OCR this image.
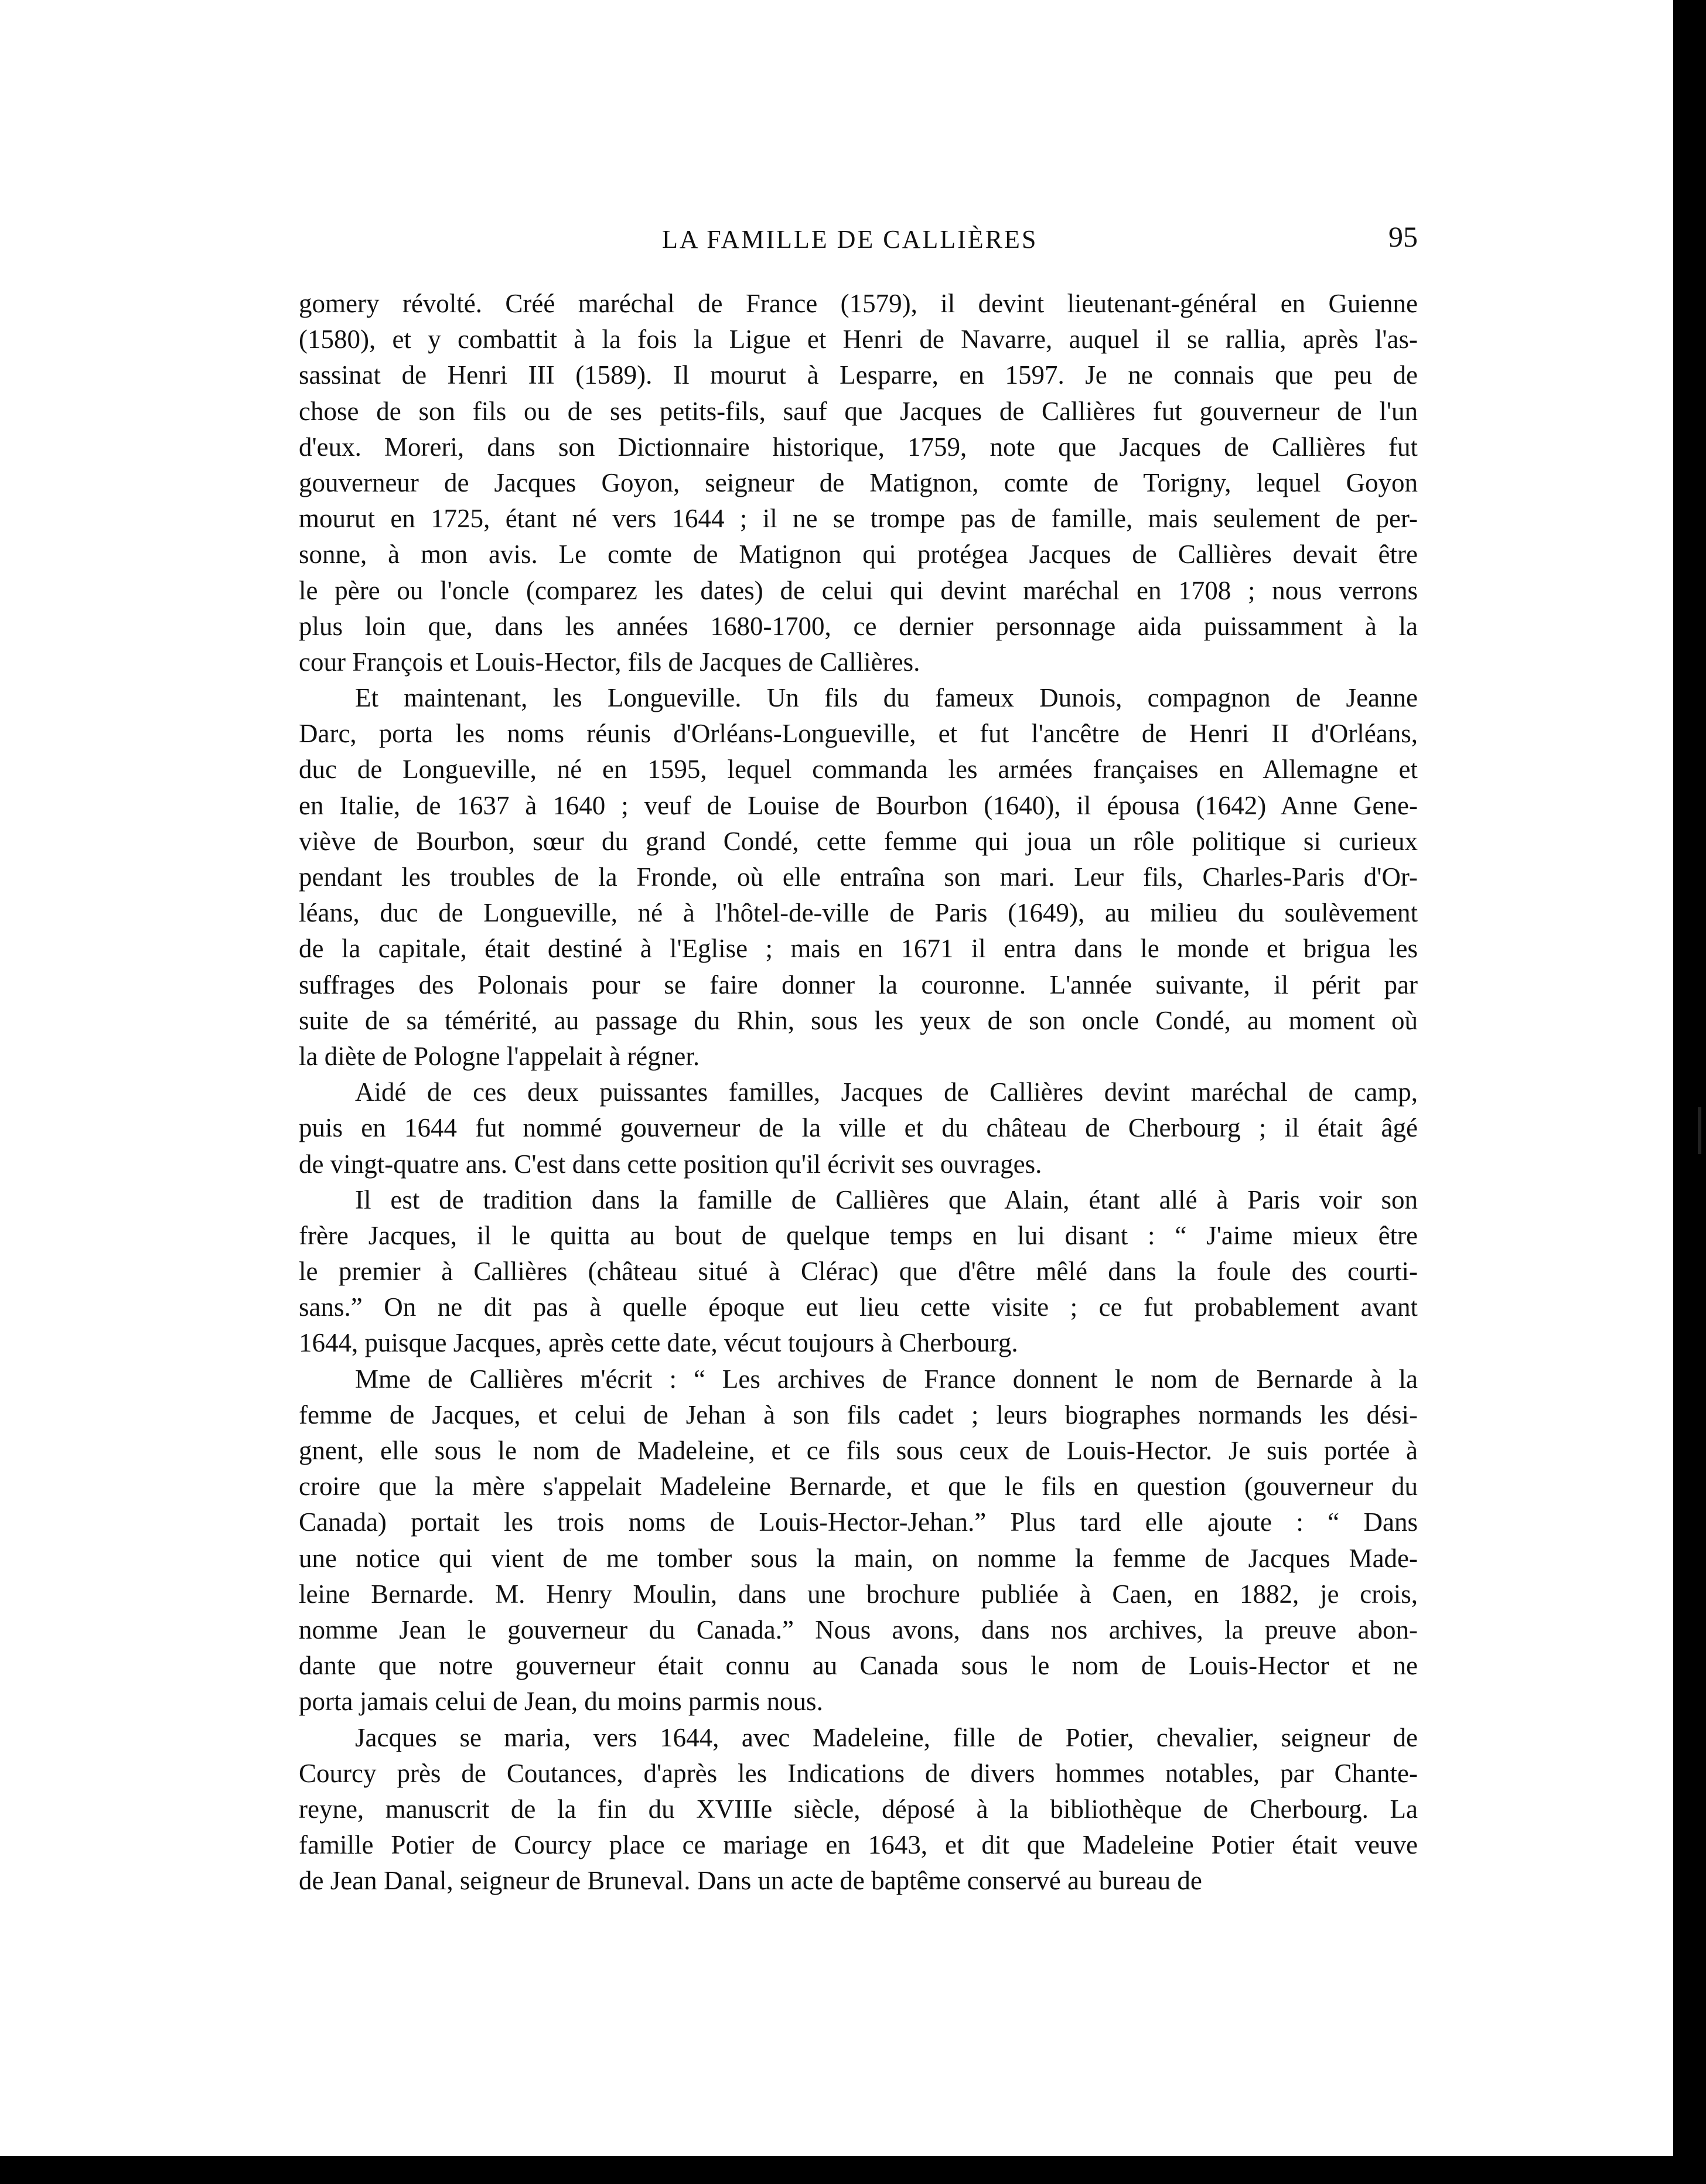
LA FAMILLE DE CALLIÈRES	95
gomery révolté. Créé maréchal de France (1579), il devint lieutenant-général en Guienne
(1580), et y combattit à la fois la Ligue et Henri de Navarre, auquel il se rallia, après l'as-
sassinat de Henri III (1589). Il mourut à Lesparre, en 1597. Je ne connais que peu de
chose de son fils ou de ses petits-fils, sauf que Jacques de Callières fut gouverneur de l'un
d'eux. Moreri, dans son Dictionnaire historique, 1759, note que Jacques de Callières fut
gouverneur de Jacques Goyon, seigneur de Matignon, comte de Torigny, lequel Goyon
mourut en 1725, étant né vers 1644 ; il ne se trompe pas de famille, mais seulement de per-
sonne, à mon avis. Le comte de Matignon qui protégea Jacques de Callières devait être
le père ou l'oncle (comparez les dates) de celui qui devint maréchal en 1708 ; nous verrons
plus loin que, dans les années 1680-1700, ce dernier personnage aida puissamment à la
cour François et Louis-Hector, fils de Jacques de Callières.
Et maintenant, les Longueville. Un fils du fameux Dunois, compagnon de Jeanne
Darc, porta les noms réunis d'Orléans-Longueville, et fut l'ancêtre de Henri II d'Orléans,
duc de Longueville, né en 1595, lequel commanda les armées françaises en Allemagne et
en Italie, de 1637 à 1640 ; veuf de Louise de Bourbon (1640), il épousa (1642) Anne Gene-
viève de Bourbon, sœur du grand Condé, cette femme qui joua un rôle politique si curieux
pendant les troubles de la Fronde, où elle entraîna son mari. Leur fils, Charles-Paris d'Or-
léans, duc de Longueville, né à l'hôtel-de-ville de Paris (1649), au milieu du soulèvement
de la capitale, était destiné à l'Eglise ; mais en 1671 il entra dans le monde et brigua les
suffrages des Polonais pour se faire donner la couronne. L'année suivante, il périt par
suite de sa témérité, au passage du Rhin, sous les yeux de son oncle Condé, au moment où
la diète de Pologne l'appelait à régner.
Aidé de ces deux puissantes familles, Jacques de Callières devint maréchal de camp,
puis en 1644 fut nommé gouverneur de la ville et du château de Cherbourg ; il était âgé
de vingt-quatre ans. C'est dans cette position qu'il écrivit ses ouvrages.
Il est de tradition dans la famille de Callières que Alain, étant allé à Paris voir son
frère Jacques, il le quitta au bout de quelque temps en lui disant : “ J'aime mieux être
le premier à Callières (château situé à Clérac) que d'être mêlé dans la foule des courti-
sans.” On ne dit pas à quelle époque eut lieu cette visite ; ce fut probablement avant
1644, puisque Jacques, après cette date, vécut toujours à Cherbourg.
Mme de Callières m'écrit : “ Les archives de France donnent le nom de Bernarde à la
femme de Jacques, et celui de Jehan à son fils cadet ; leurs biographes normands les dési-
gnent, elle sous le nom de Madeleine, et ce fils sous ceux de Louis-Hector. Je suis portée à
croire que la mère s'appelait Madeleine Bernarde, et que le fils en question (gouverneur du
Canada) portait les trois noms de Louis-Hector-Jehan.” Plus tard elle ajoute : “ Dans
une notice qui vient de me tomber sous la main, on nomme la femme de Jacques Made-
leine Bernarde. M. Henry Moulin, dans une brochure publiée à Caen, en 1882, je crois,
nomme Jean le gouverneur du Canada.” Nous avons, dans nos archives, la preuve abon-
dante que notre gouverneur était connu au Canada sous le nom de Louis-Hector et ne
porta jamais celui de Jean, du moins parmis nous.
Jacques se maria, vers 1644, avec Madeleine, fille de Potier, chevalier, seigneur de
Courcy près de Coutances, d'après les Indications de divers hommes notables, par Chante-
reyne, manuscrit de la fin du XVIIIe siècle, déposé à la bibliothèque de Cherbourg. La
famille Potier de Courcy place ce mariage en 1643, et dit que Madeleine Potier était veuve
de Jean Danal, seigneur de Bruneval. Dans un acte de baptême conservé au bureau de
